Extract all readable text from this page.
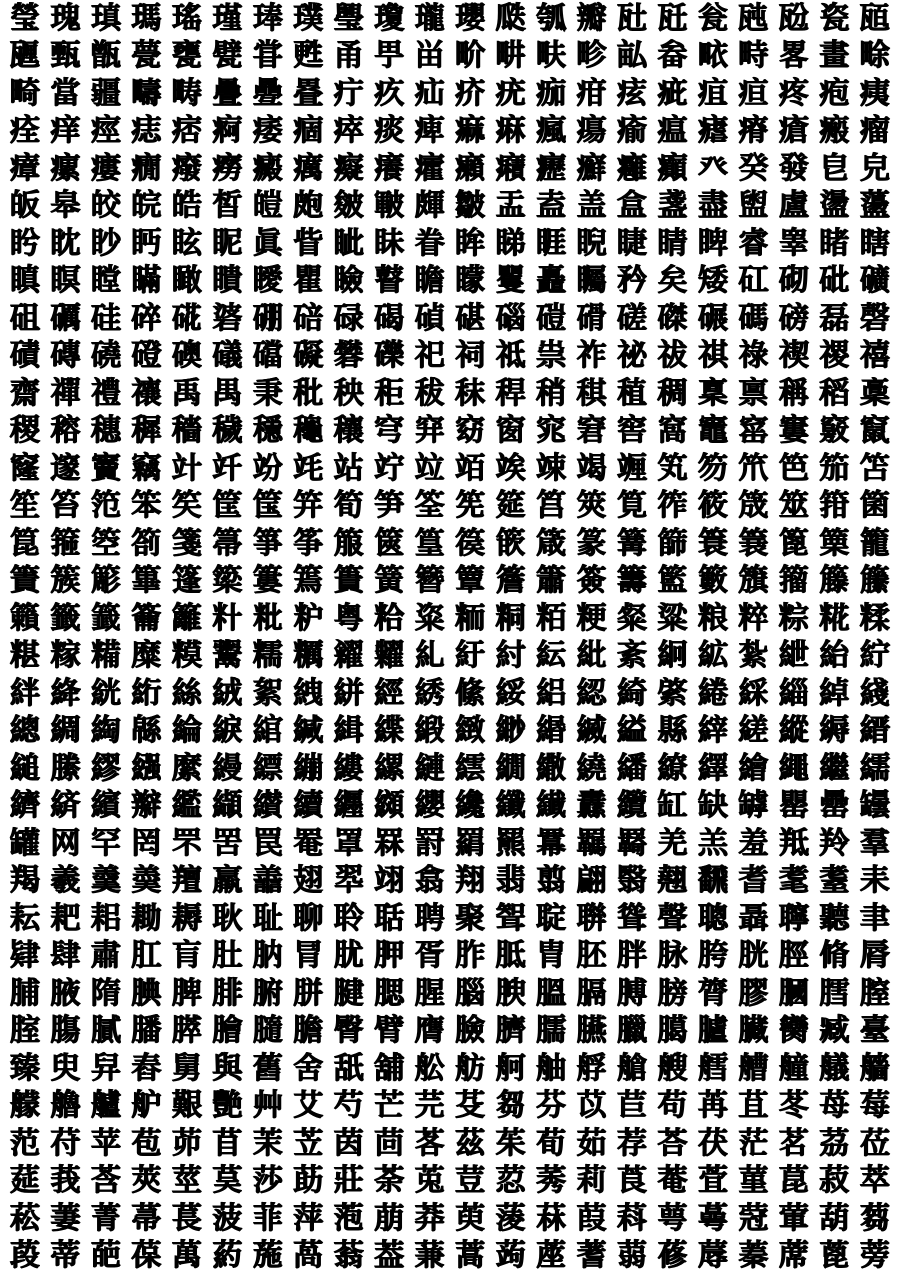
瑩 瑰 瑱 瑪 瑤 瑾 琫 璞 璺 瓊 瓏 瓔 瓞 瓠 瓣 瓧 瓩 瓮 瓲 瓰 瓷 瓸
甅 甄 甑 甍 甕 甓 甞 甦 甬 甼 畄 畍 畊 畉 畛 畆 畚 畩 畤 畧 畫 畭
畸 當 疆 疇 畴 疊 疉 疂 疔 疚 疝 疥 疣 痂 疳 痃 疵 疽 疸 疼 疱 痍
痊 痒 痙 痣 痞 痾 痿 痼 瘁 痰 痺 痲 痳 瘋 瘍 瘉 瘟 瘧 瘠 瘡 瘢 瘤
瘴 瘰 瘻 癇 癈 癆 癜 癘 癡 癢 癨 癩 癪 癧 癬 癰 癲 癶 癸 發 皀 皃
皈 皋 皎 皖 皓 皙 皚 皰 皴 皸 皹 皺 盂 盍 盖 盒 盞 盡 盥 盧 盪 蘯
盻 眈 眇 眄 眩 眤 眞 眥 眦 眛 眷 眸 睇 睚 睨 睫 睛 睥 睿 睾 睹 瞎
瞋 瞑 瞠 瞞 瞰 瞶 瞹 瞿 瞼 瞽 瞻 矇 矍 矗 矚 矜 矣 矮 矼 砌 砒 礦
砠 礪 硅 碎 硴 碆 硼 碚 碌 碣 碵 碪 碯 磑 磆 磋 磔 碾 碼 磅 磊 磬
磧 磚 磽 磴 礇 礒 礑 礙 礬 礫 祀 祠 祗 祟 祚 祕 祓 祺 祿 禊 禝 禧
齋 禪 禮 禳 禹 禺 秉 秕 秧 秬 秡 秣 稈 稍 稘 稙 稠 稟 禀 稱 稻 稾
稷 穃 穗 穉 穡 穢 穩 龝 穰 穹 穽 窈 窗 窕 窘 窖 窩 竈 窰 窶 竅 竄
窿 邃 竇 竊 竍 竏 竕 竓 站 竚 竝 竡 竢 竦 竭 竰 笂 笏 笊 笆 笳 笘
笙 笞 笵 笨 笶 筐 筺 笄 筍 笋 筌 筅 筵 筥 筴 筧 筰 筱 筬 筮 箝 箘
箟 箍 箜 箚 箋 箒 箏 筝 箙 篋 篁 篌 篏 箴 篆 篝 篩 簑 簔 篦 篥 籠
簀 簇 簓 篳 篷 簗 簍 篶 簣 簧 簪 簟 簷 簫 簽 籌 籃 籔 籏 籀 籐 籘
籟 籤 籖 籥 籬 籵 粃 粐 粤 粭 粢 粫 粡 粨 粳 粲 粱 粮 粹 粽 糀 糅
糂 糘 糒 糜 糢 鬻 糯 糲 糴 糶 糺 紆 紂 紜 紕 紊 絅 絋 紮 紲 紿 紵
絆 絳 絖 絎 絲 絨 絮 絏 絣 經 綉 絛 綏 絽 綛 綺 綮 綣 綵 緇 綽 綫
總 綢 綯 緜 綸 綟 綰 緘 緝 緤 緞 緻 緲 緡 縅 縊 縣 縡 縒 縱 縟 縉
縋 縢 繆 繦 縻 縵 縹 繃 縷 縲 縺 繧 繝 繖 繞 繙 繚 繹 繪 繩 繼 繻
纃 緕 繽 辮 繿 纈 纉 續 纒 纐 纓 纔 纖 纎 纛 纜 缸 缺 罅 罌 罍 罎
罐 网 罕 罔 罘 罟 罠 罨 罩 罧 罸 羂 羆 羃 羈 羇 羌 羔 羞 羝 羚 羣
羯 羲 羹 羮 羶 羸 譱 翅 翆 翊 翕 翔 翡 翦 翩 翳 翹 飜 耆 耄 耋 耒
耘 耙 耜 耡 耨 耿 耻 聊 聆 聒 聘 聚 聟 聢 聨 聳 聲 聰 聶 聹 聽 聿
肄 肆 肅 肛 肓 肚 肭 冐 肬 胛 胥 胙 胝 胄 胚 胖 脉 胯 胱 脛 脩 脣
脯 腋 隋 腆 脾 腓 腑 胼 腱 腮 腥 腦 腴 膃 膈 膊 膀 膂 膠 膕 膤 膣
腟 膓 膩 膰 膵 膾 膸 膽 臀 臂 膺 臉 臍 臑 臙 臘 臈 臚 臟 臠 臧 臺
臻 臾 舁 舂 舅 與 舊 舍 舐 舖 舩 舫 舸 舳 艀 艙 艘 艝 艚 艟 艤 艢
艨 艪 艫 舮 艱 艷 艸 艾 芍 芒 芫 芟 芻 芬 苡 苣 苟 苒 苴 苳 苺 莓
范 苻 苹 苞 茆 苜 茉 苙 茵 茴 茖 茲 茱 荀 茹 荐 荅 茯 茫 茗 茘 莅
莚 莪 莟 莢 莖 茣 莎 莇 莊 荼 莵 荳 荵 莠 莉 莨 菴 萓 菫 菎 菽 萃
菘 萋 菁 菷 萇 菠 菲 萍 萢 萠 莽 萸 蔆 菻 葭 萪 萼 蕚 蒄 葷 葫 蒭
葮 蒂 葩 葆 萬 葯 葹 萵 蓊 葢 蒹 蒿 蒟 蓙 蓍 蒻 蓚 蓐 蓁 蓆 蓖 蒡
